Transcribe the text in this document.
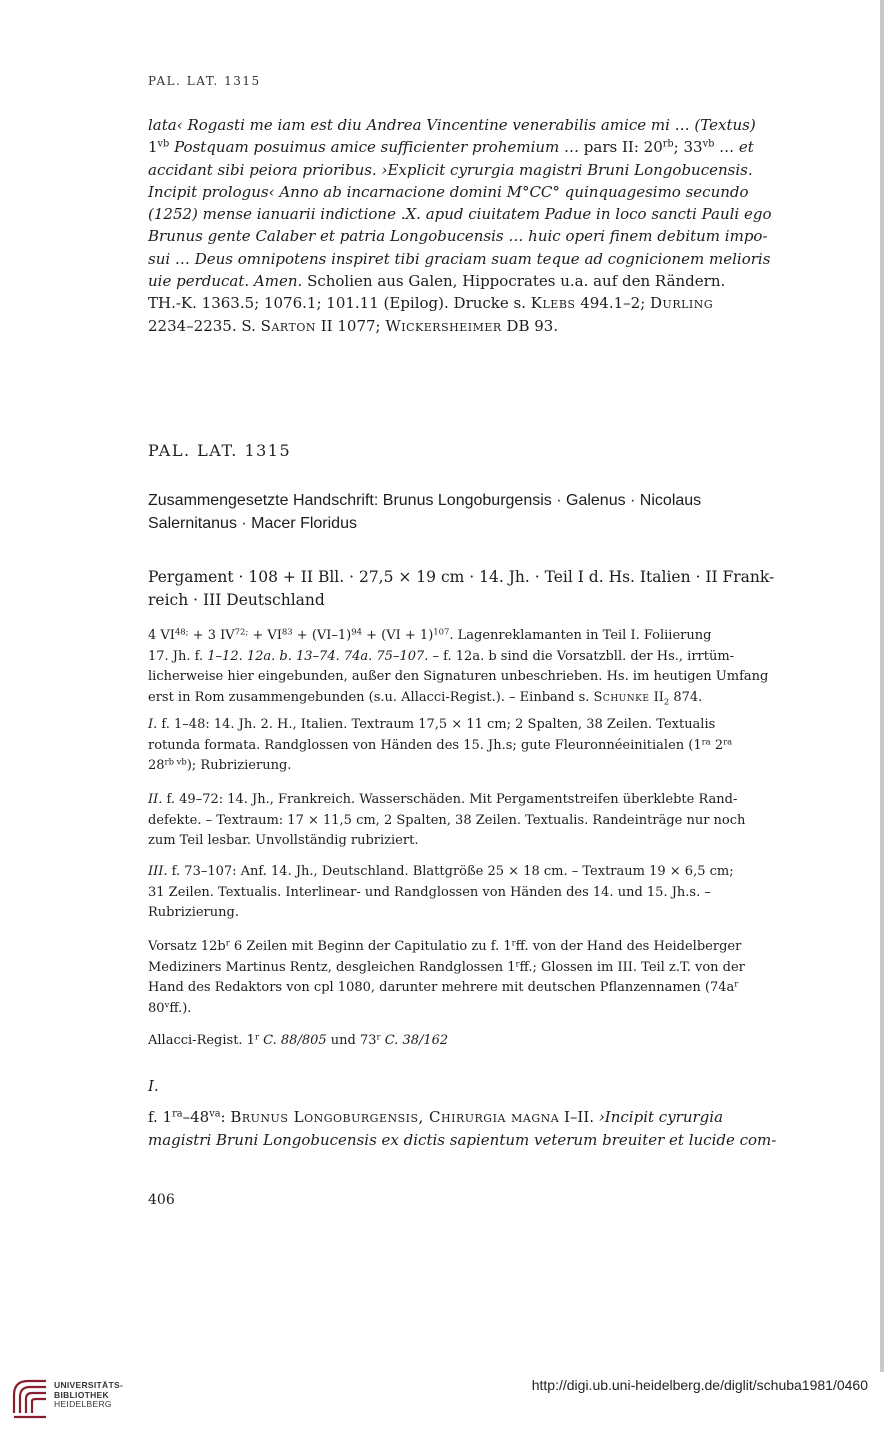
PAL. LAT. 1315
lata‹ Rogasti me iam est diu Andrea Vincentine venerabilis amice mi … (Textus)
$1^{vb}$ Postquam posuimus amice sufficienter prohemium … pars II: $20^{rb}$; $33^{vb}$ … et
accidant sibi peiora prioribus. ›Explicit cyrurgia magistri Bruni Longobucensis.
Incipit prologus‹ Anno ab incarnacione domini M°CC° quinquagesimo secundo
(1252) mense ianuarii indictione .X. apud ciuitatem Padue in loco sancti Pauli ego
Brunus gente Calaber et patria Longobucensis … huic operi finem debitum impo-
sui … Deus omnipotens inspiret tibi graciam suam teque ad cognicionem melioris
uie perducat. Amen. Scholien aus Galen, Hippocrates u.a. auf den Rändern.
TH.-K. 1363.5; 1076.1; 101.11 (Epilog). Drucke s. Klebs 494.1–2; Durling
2234–2235. S. Sarton II 1077; Wickersheimer DB 93.
PAL. LAT. 1315
Zusammengesetzte Handschrift: Brunus Longoburgensis · Galenus · Nicolaus
Salernitanus · Macer Floridus
Pergament · 108 + II Bll. · 27,5 × 19 cm · 14. Jh. · Teil I d. Hs. Italien · II Frank-
reich · III Deutschland
4 $VI^{48;} + 3$ $IV^{72;} + VI^{83} + (VI-1)^{94} + (VI + 1)^{107}$. Lagenreklamanten in Teil I. Foliierung
17. Jh. f. 1–12. 12a. b. 13–74. 74a. 75–107. – f. 12a. b sind die Vorsatzbll. der Hs., irrtüm-
licherweise hier eingebunden, außer den Signaturen unbeschrieben. Hs. im heutigen Umfang
erst in Rom zusammengebunden (s.u. Allacci-Regist.). – Einband s. Schunke $II_2$ 874.
I. f. 1–48: 14. Jh. 2. H., Italien. Textraum 17,5 × 11 cm; 2 Spalten, 38 Zeilen. Textualis
rotunda formata. Randglossen von Händen des 15. Jh.s; gute Fleuronnéeinitialen ($1^{ra}$ $2^{ra}$
$28^{rb vb}$); Rubrizierung.
II. f. 49–72: 14. Jh., Frankreich. Wasserschäden. Mit Pergamentstreifen überklebte Rand-
defekte. – Textraum: 17 × 11,5 cm, 2 Spalten, 38 Zeilen. Textualis. Randeinträge nur noch
zum Teil lesbar. Unvollständig rubriziert.
III. f. 73–107: Anf. 14. Jh., Deutschland. Blattgröße 25 × 18 cm. – Textraum 19 × 6,5 cm;
31 Zeilen. Textualis. Interlinear- und Randglossen von Händen des 14. und 15. Jh.s. –
Rubrizierung.
Vorsatz $12b^r$ 6 Zeilen mit Beginn der Capitulatio zu f. 1$^r$ff. von der Hand des Heidelberger
Mediziners Martinus Rentz, desgleichen Randglossen 1$^r$ff.; Glossen im III. Teil z.T. von der
Hand des Redaktors von cpl 1080, darunter mehrere mit deutschen Pflanzennamen ($74a^r$
80$^v$ff.).
Allacci-Regist. 1$^r$ C. 88/805 und 73$^r$ C. 38/162
I.
f. $1^{ra}-48^{va}$: Brunus Longoburgensis, Chirurgia magna I–II. ›Incipit cyrurgia
magistri Bruni Longobucensis ex dictis sapientum veterum breuiter et lucide com-
406
UNIVERSITÄTS-
BIBLIOTHEK
HEIDELBERG
http://digi.ub.uni-heidelberg.de/diglit/schuba1981/0460
